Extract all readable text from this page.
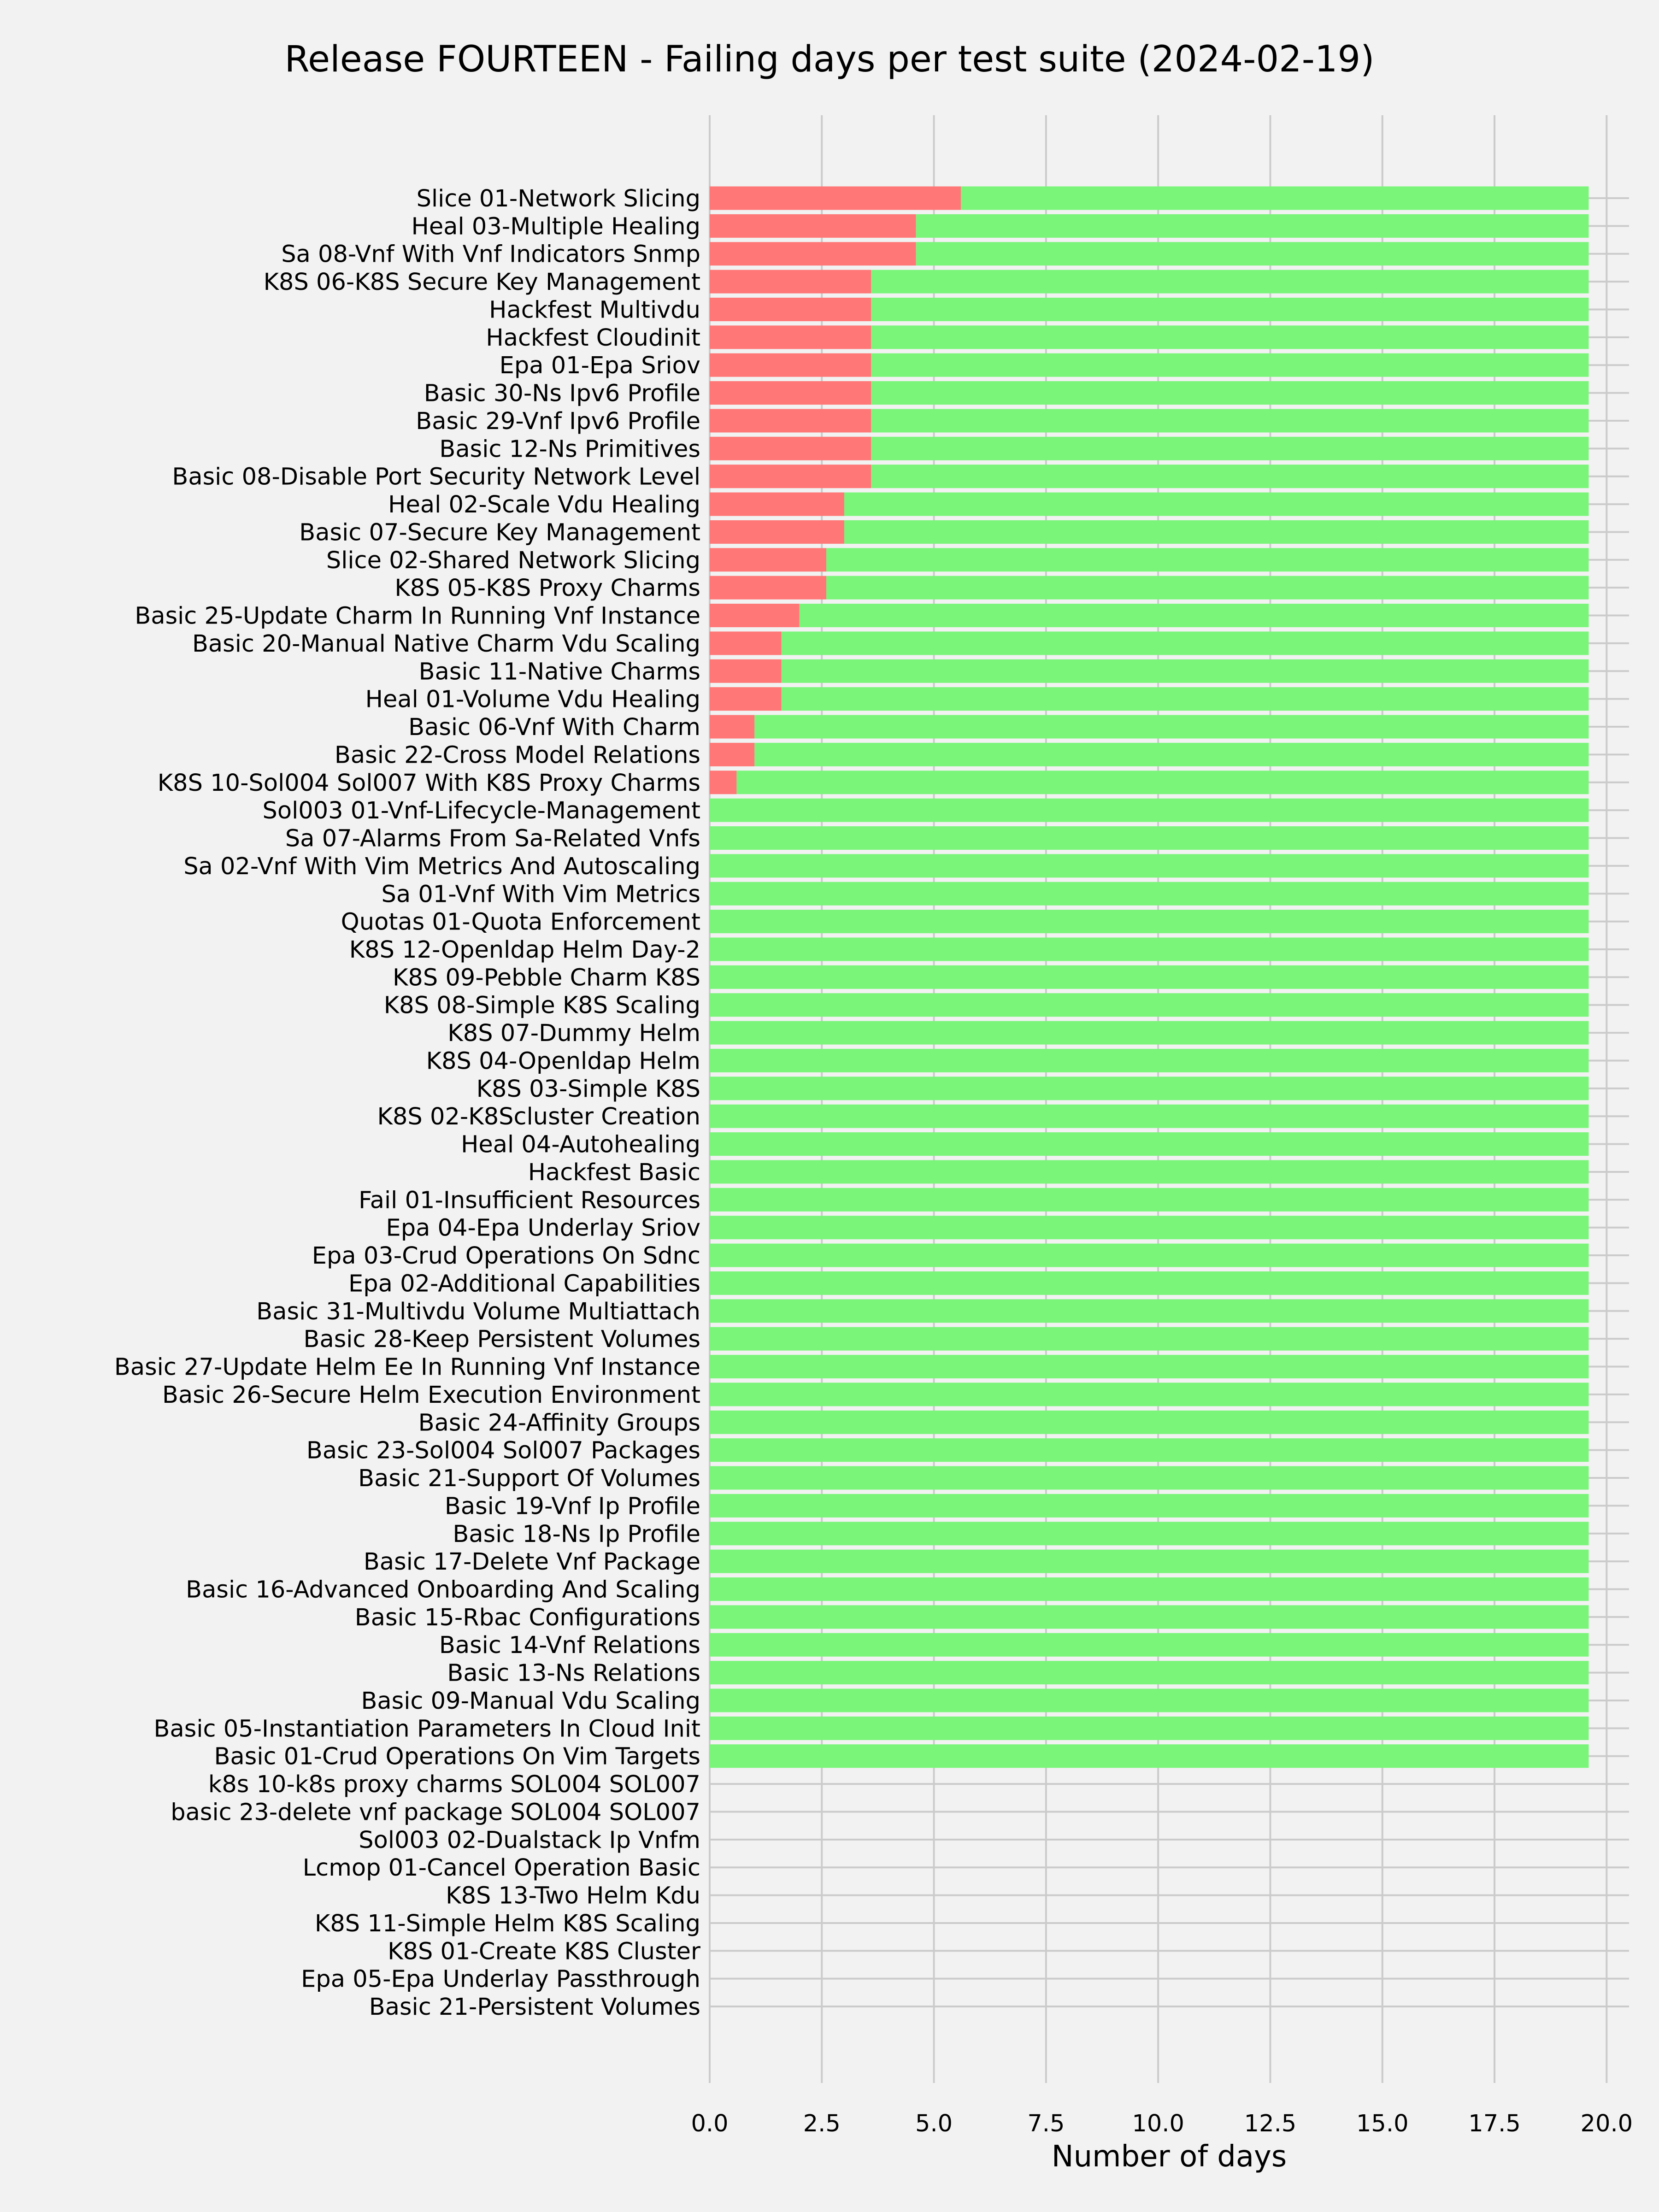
Release FOURTEEN - Failing days per test suite (2024-02-19)
Slice 01-Network Slicing
Heal 03-Multiple Healing
Sa 08-Vnf With Vnf Indicators Snmp
K8S 06-K8S Secure Key Management
Hackfest Multivdu
Hackfest Cloudinit
Epa 01-Epa Sriov
Basic 30-Ns Ipv6 Profile
Basic 29-Vnf Ipv6 Profile
Basic 12-Ns Primitives
Basic 08-Disable Port Security Network Level
Heal 02-Scale Vdu Healing
Basic 07-Secure Key Management
Slice 02-Shared Network Slicing
K8S 05-K8S Proxy Charms
Basic 25-Update Charm In Running Vnf Instance
Basic 20-Manual Native Charm Vdu Scaling
Basic 11-Native Charms
Heal 01-Volume Vdu Healing
Basic 06-Vnf With Charm
Basic 22-Cross Model Relations
K8S 10-Sol004 Sol007 With K8S Proxy Charms
Sol003 01-Vnf-Lifecycle-Management
Sa 07-Alarms From Sa-Related Vnfs
Sa 02-Vnf With Vim Metrics And Autoscaling
Sa 01-Vnf With Vim Metrics
Quotas 01-Quota Enforcement
K8S 12-Openldap Helm Day-2
K8S 09-Pebble Charm K8S
K8S 08-Simple K8S Scaling
K8S 07-Dummy Helm
K8S 04-Openldap Helm
K8S 03-Simple K8S
K8S 02-K8Scluster Creation
Heal 04-Autohealing
Hackfest Basic
Fail 01-Insufficient Resources
Epa 04-Epa Underlay Sriov
Epa 03-Crud Operations On Sdnc
Epa 02-Additional Capabilities
Basic 31-Multivdu Volume Multiattach
Basic 28-Keep Persistent Volumes
Basic 27-Update Helm Ee In Running Vnf Instance
Basic 26-Secure Helm Execution Environment
Basic 24-Affinity Groups
Basic 23-Sol004 Sol007 Packages
Basic 21-Support Of Volumes
Basic 19-Vnf Ip Profile
Basic 18-Ns Ip Profile
Basic 17-Delete Vnf Package
Basic 16-Advanced Onboarding And Scaling
Basic 15-Rbac Configurations
Basic 14-Vnf Relations
Basic 13-Ns Relations
Basic 09-Manual Vdu Scaling
Basic 05-Instantiation Parameters In Cloud Init
Basic 01-Crud Operations On Vim Targets
k8s 10-k8s proxy charms SOL004 SOL007
basic 23-delete vnf package SOL004 SOL007
Sol003 02-Dualstack Ip Vnfm
Lcmop 01-Cancel Operation Basic
K8S 13-Two Helm Kdu
K8S 11-Simple Helm K8S Scaling
K8S 01-Create K8S Cluster
Epa 05-Epa Underlay Passthrough
Basic 21-Persistent Volumes
0.0	2.5	5.0	7.5	10.0	12.5	15.0	17.5	20.0
Number of days
